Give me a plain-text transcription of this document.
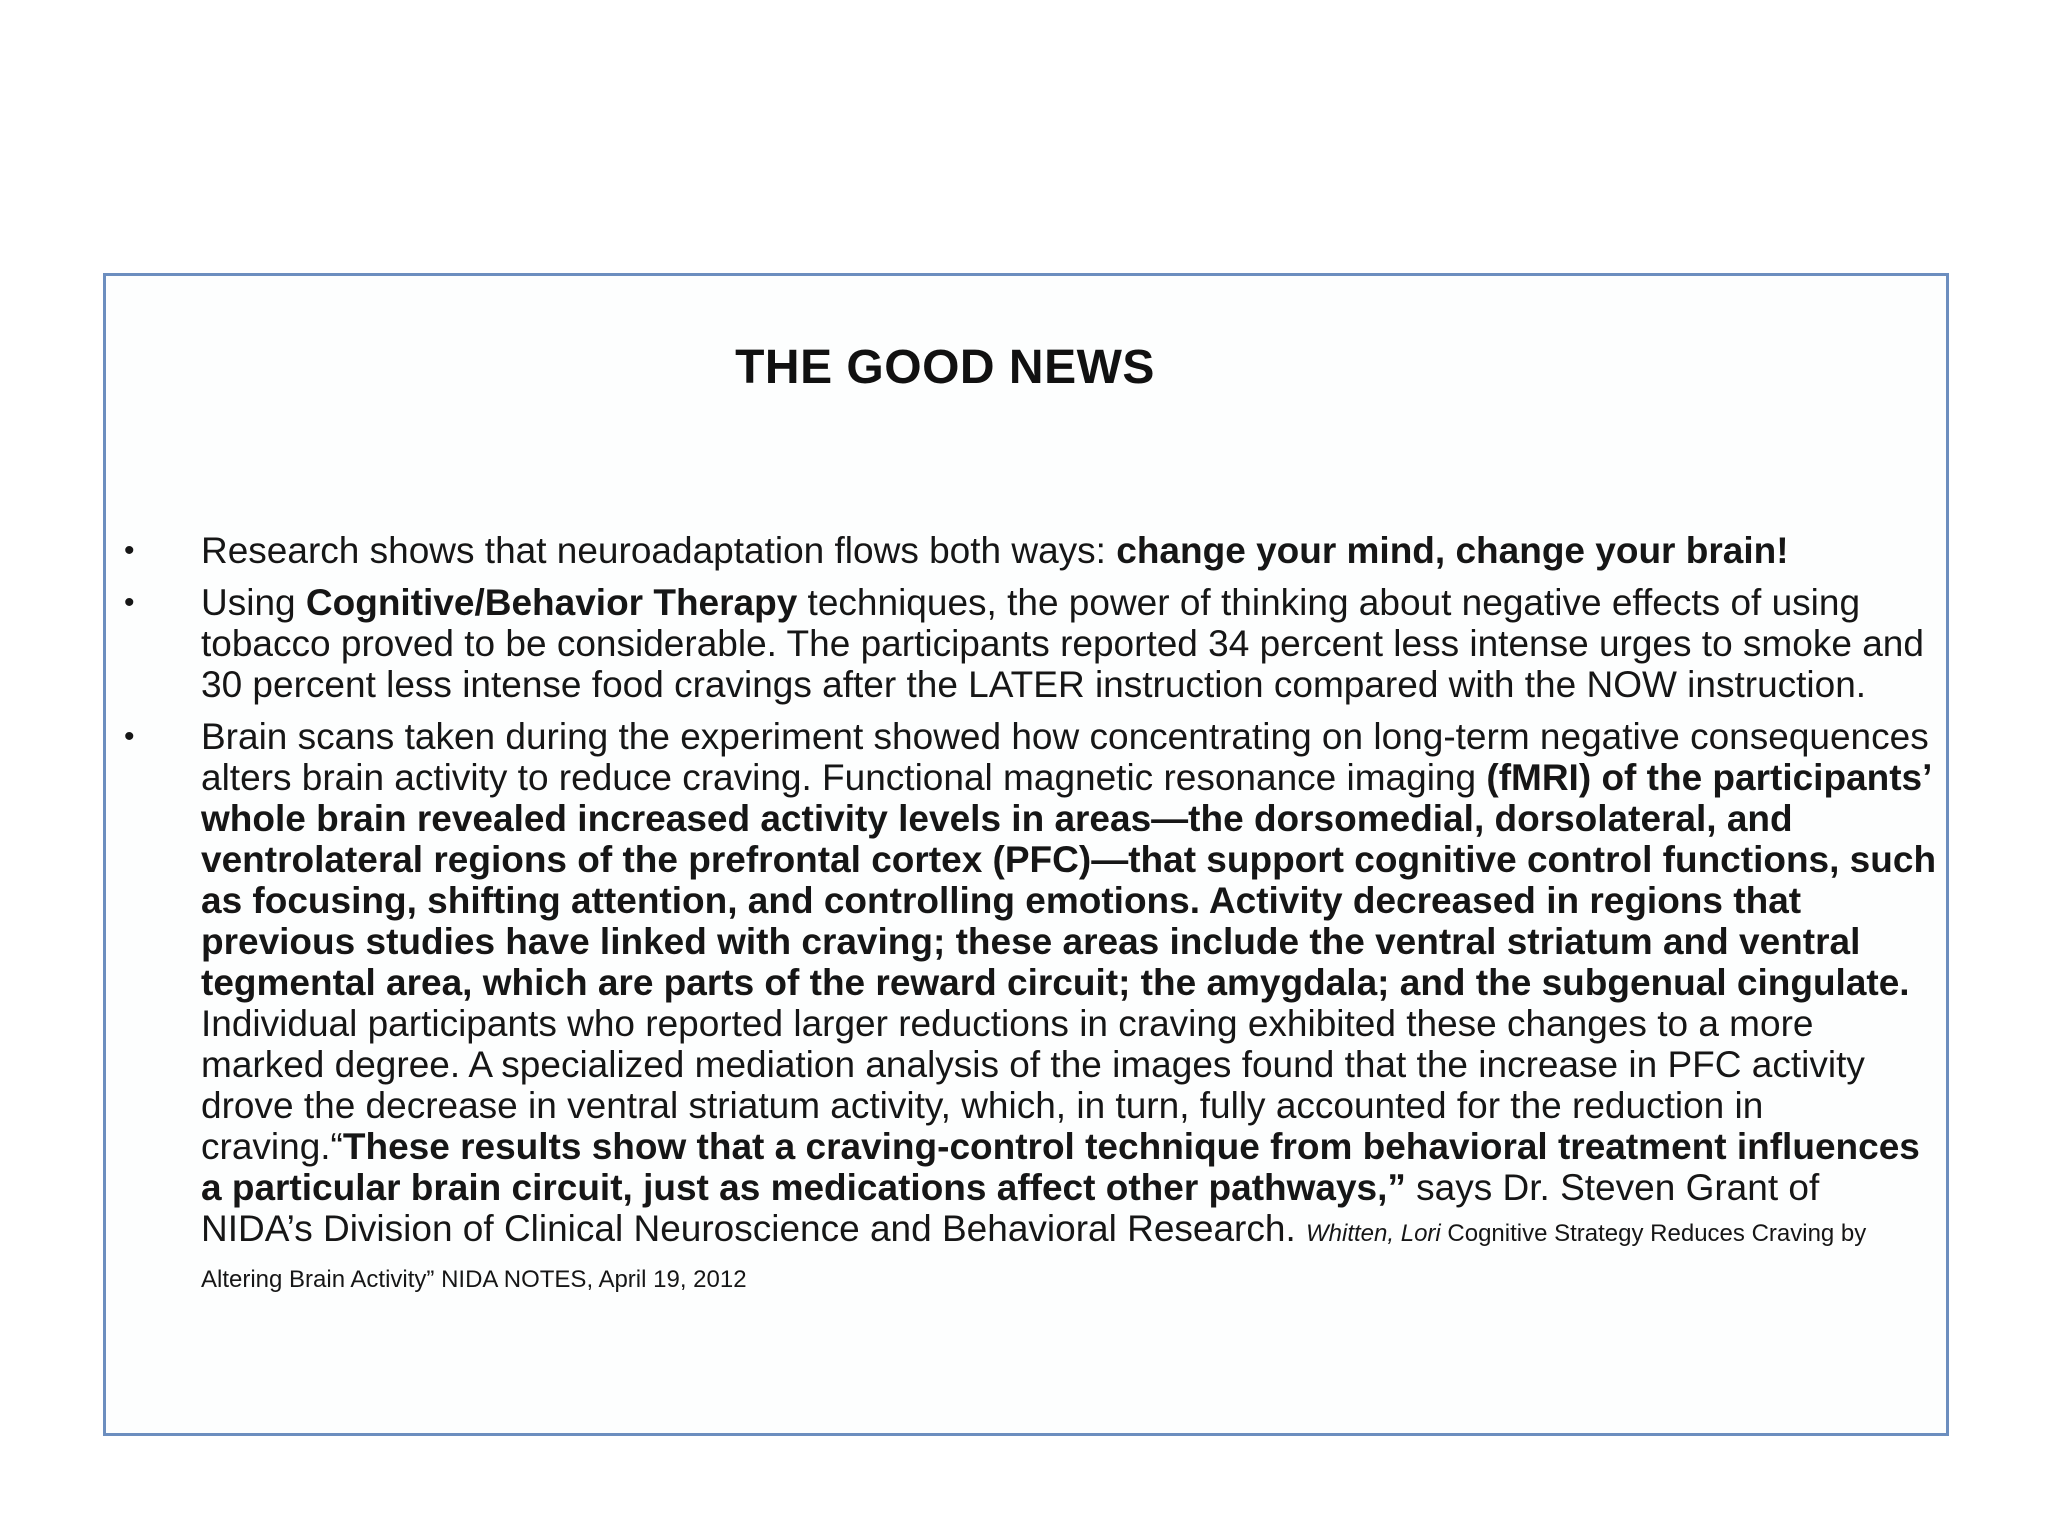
THE GOOD NEWS
• Research shows that neuroadaptation flows both ways: change your mind, change your brain!
• Using Cognitive/Behavior Therapy techniques, the power of thinking about negative effects of using tobacco proved to be considerable. The participants reported 34 percent less intense urges to smoke and 30 percent less intense food cravings after the LATER instruction compared with the NOW instruction.
• Brain scans taken during the experiment showed how concentrating on long-term negative consequences alters brain activity to reduce craving. Functional magnetic resonance imaging (fMRI) of the participants’ whole brain revealed increased activity levels in areas—the dorsomedial, dorsolateral, and ventrolateral regions of the prefrontal cortex (PFC)—that support cognitive control functions, such as focusing, shifting attention, and controlling emotions. Activity decreased in regions that previous studies have linked with craving; these areas include the ventral striatum and ventral tegmental area, which are parts of the reward circuit; the amygdala; and the subgenual cingulate. Individual participants who reported larger reductions in craving exhibited these changes to a more marked degree. A specialized mediation analysis of the images found that the increase in PFC activity drove the decrease in ventral striatum activity, which, in turn, fully accounted for the reduction in craving.“These results show that a craving-control technique from behavioral treatment influences a particular brain circuit, just as medications affect other pathways,” says Dr. Steven Grant of NIDA’s Division of Clinical Neuroscience and Behavioral Research. Whitten, Lori Cognitive Strategy Reduces Craving by Altering Brain Activity” NIDA NOTES, April 19, 2012
